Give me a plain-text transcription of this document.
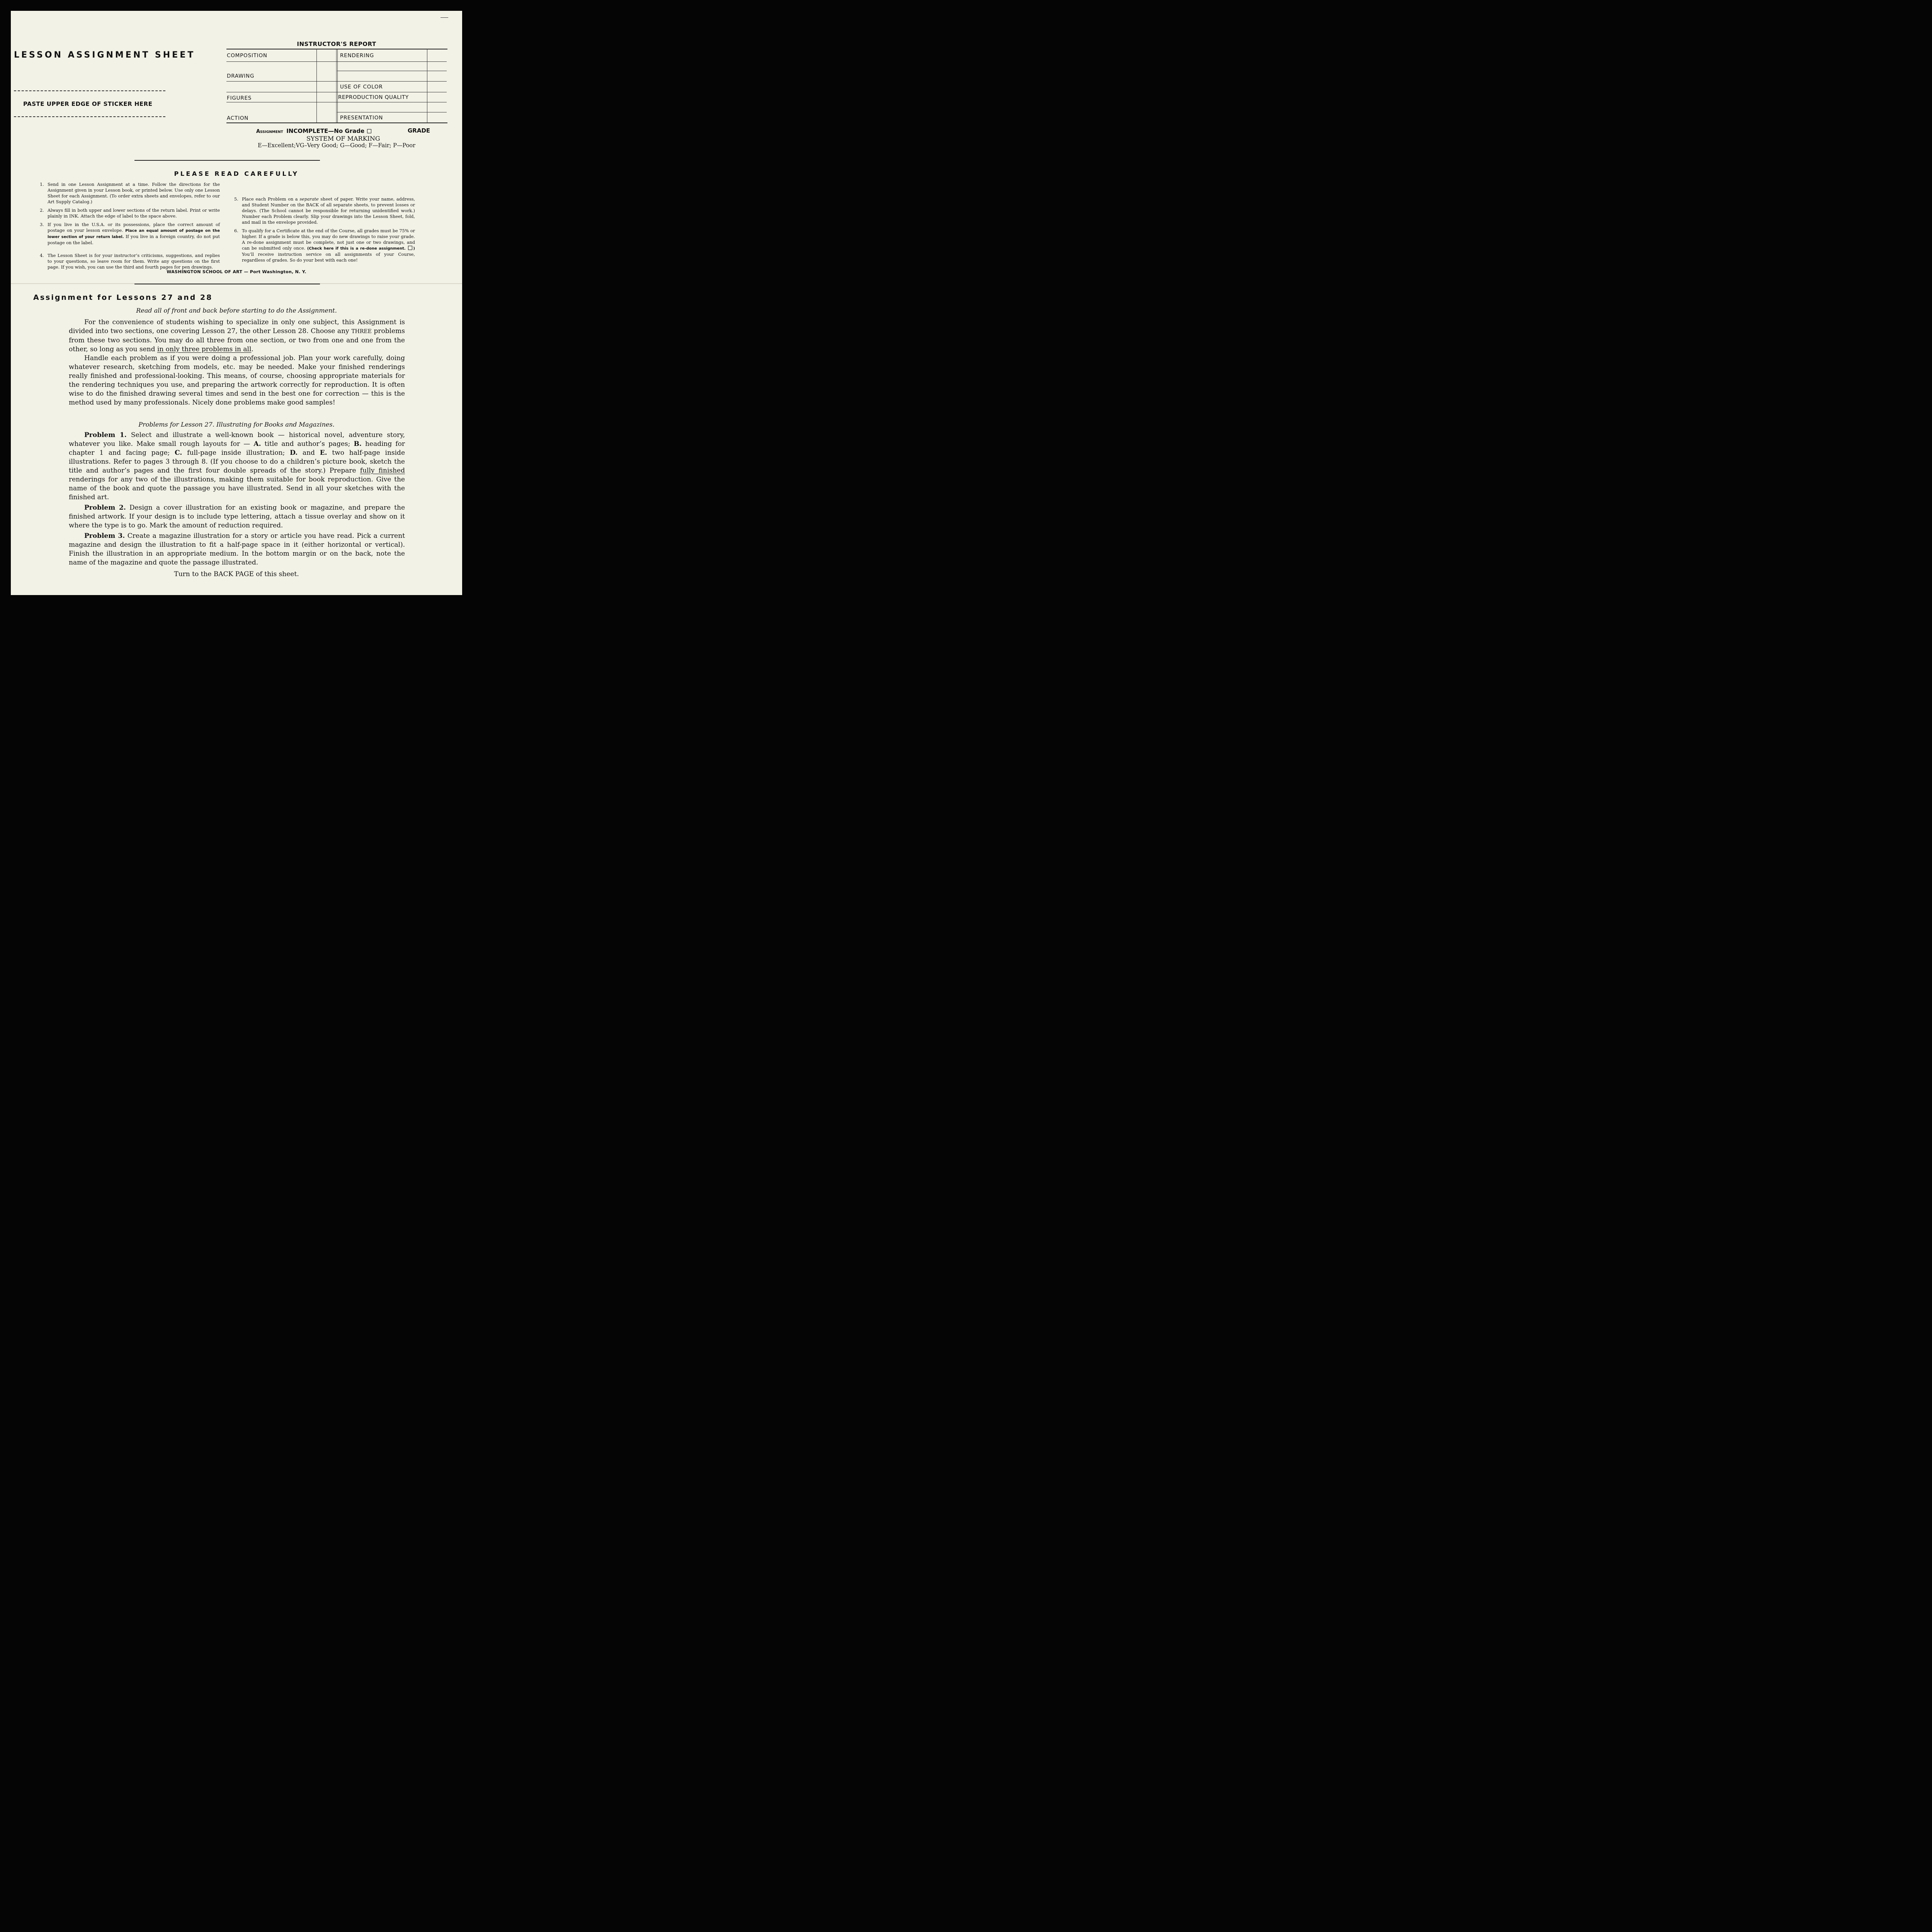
LESSON ASSIGNMENT SHEET
PASTE UPPER EDGE OF STICKER HERE
INSTRUCTOR'S REPORT
COMPOSITION
DRAWING
FIGURES
ACTION
RENDERING
USE OF COLOR
REPRODUCTION QUALITY
PRESENTATION
Assignment INCOMPLETE—No Grade	GRADE
SYSTEM OF MARKING
E—Excellent;VG–Very Good; G—Good; F—Fair; P—Poor
PLEASE READ CAREFULLY
1. Send in one Lesson Assignment at a time. Follow the directions for the Assignment given in your Lesson book, or printed below. Use only one Lesson Sheet for each Assignment. (To order extra sheets and envelopes, refer to our Art Supply Catalog.)
2. Always fill in both upper and lower sections of the return label. Print or write plainly in INK. Attach the edge of label to the space above.
3. If you live in the U.S.A. or its possessions, place the correct amount of postage on your lesson envelope. Place an equal amount of postage on the lower section of your return label. If you live in a foreign country, do not put postage on the label.
4. The Lesson Sheet is for your instructor’s criticisms, suggestions, and replies to your questions, so leave room for them. Write any questions on the first page. If you wish, you can use the third and fourth pages for pen drawings.
5. Place each Problem on a separate sheet of paper. Write your name, address, and Student Number on the BACK of all separate sheets, to prevent losses or delays. (The School cannot be responsible for returning unidentified work.) Number each Problem clearly. Slip your drawings into the Lesson Sheet, fold, and mail in the envelope provided.
6. To qualify for a Certificate at the end of the Course, all grades must be 75% or higher. If a grade is below this, you may do new drawings to raise your grade. A re-done assignment must be complete, not just one or two drawings, and can be submitted only once. (Check here if this is a re-done assignment. ) You’ll receive instruction service on all assignments of your Course, regardless of grades. So do your best with each one!
WASHINGTON SCHOOL OF ART — Port Washington, N. Y.
Assignment for Lessons 27 and 28
Read all of front and back before starting to do the Assignment.

For the convenience of students wishing to specialize in only one subject, this Assignment is divided into two sections, one covering Lesson 27, the other Lesson 28. Choose any THREE problems from these two sections. You may do all three from one section, or two from one and one from the other, so long as you send in only three problems in all.

Handle each problem as if you were doing a professional job. Plan your work carefully, doing whatever research, sketching from models, etc. may be needed. Make your finished renderings really finished and professional-looking. This means, of course, choosing appropriate materials for the rendering techniques you use, and preparing the artwork correctly for reproduction. It is often wise to do the finished drawing several times and send in the best one for correction — this is the method used by many professionals. Nicely done problems make good samples!

Problems for Lesson 27. Illustrating for Books and Magazines.

Problem 1. Select and illustrate a well-known book — historical novel, adventure story, whatever you like. Make small rough layouts for — A. title and author’s pages; B. heading for chapter 1 and facing page; C. full-page inside illustration; D. and E. two half-page inside illustrations. Refer to pages 3 through 8. (If you choose to do a children’s picture book, sketch the title and author’s pages and the first four double spreads of the story.) Prepare fully finished renderings for any two of the illustrations, making them suitable for book reproduction. Give the name of the book and quote the passage you have illustrated. Send in all your sketches with the finished art.

Problem 2. Design a cover illustration for an existing book or magazine, and prepare the finished artwork. If your design is to include type lettering, attach a tissue overlay and show on it where the type is to go. Mark the amount of reduction required.

Problem 3. Create a magazine illustration for a story or article you have read. Pick a current magazine and design the illustration to fit a half-page space in it (either horizontal or vertical). Finish the illustration in an appropriate medium. In the bottom margin or on the back, note the name of the magazine and quote the passage illustrated.

Turn to the BACK PAGE of this sheet.
